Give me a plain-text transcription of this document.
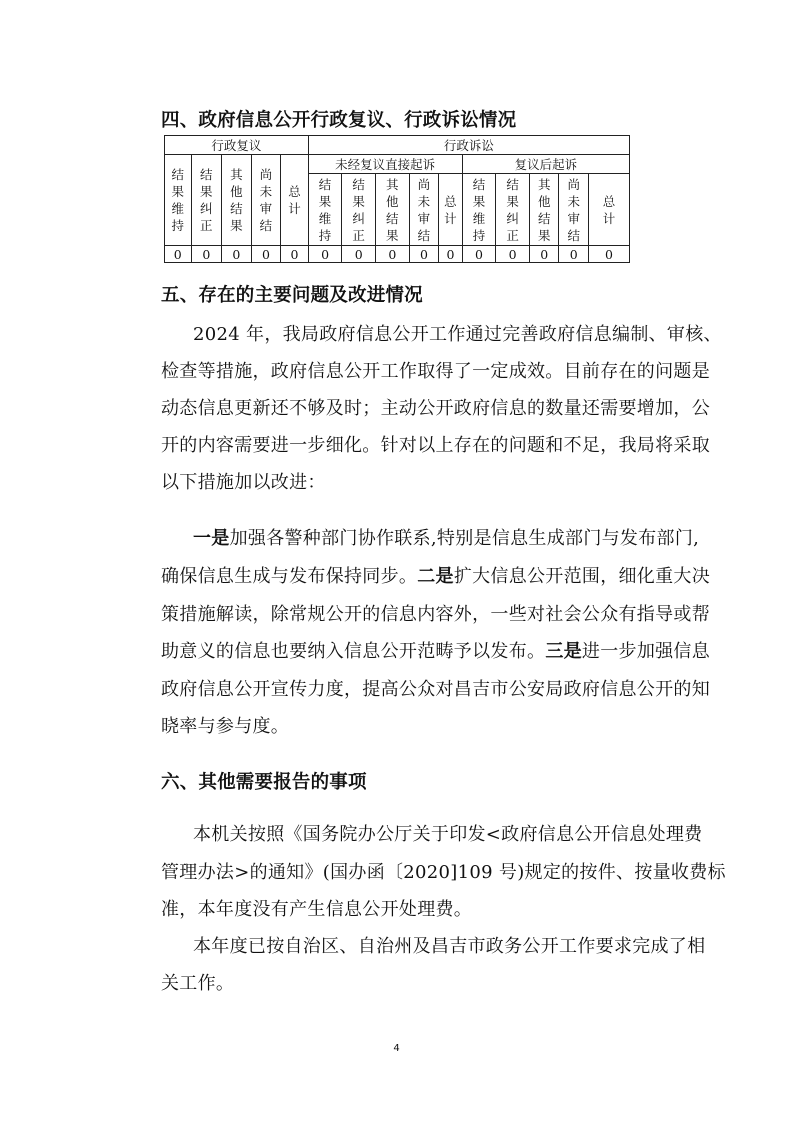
四、政府信息公开行政复议、行政诉讼情况
行政复议					行政诉讼									
结果维持	结果纠正	其他结果	尚未审结	总计	未经复议直接起诉					复议后起诉				
					结果维持	结果纠正	其他结果	尚未审结	总计	结果维持	结果纠正	其他结果	尚未审结	总计
0	0	0	0	0	0	0	0	0	0	0	0	0	0	0
五、存在的主要问题及改进情况
2024 年，我局政府信息公开工作通过完善政府信息编制、审核、
检查等措施，政府信息公开工作取得了一定成效。目前存在的问题是
动态信息更新还不够及时；主动公开政府信息的数量还需要增加，公
开的内容需要进一步细化。针对以上存在的问题和不足，我局将采取
以下措施加以改进：
一是加强各警种部门协作联系,特别是信息生成部门与发布部门,
确保信息生成与发布保持同步。二是扩大信息公开范围，细化重大决
策措施解读，除常规公开的信息内容外，一些对社会公众有指导或帮
助意义的信息也要纳入信息公开范畴予以发布。三是进一步加强信息
政府信息公开宣传力度，提高公众对昌吉市公安局政府信息公开的知
晓率与参与度。
六、其他需要报告的事项
本机关按照《国务院办公厅关于印发<政府信息公开信息处理费
管理办法>的通知》(国办函〔2020]109 号)规定的按件、按量收费标
准，本年度没有产生信息公开处理费。
本年度已按自治区、自治州及昌吉市政务公开工作要求完成了相
关工作。
4
